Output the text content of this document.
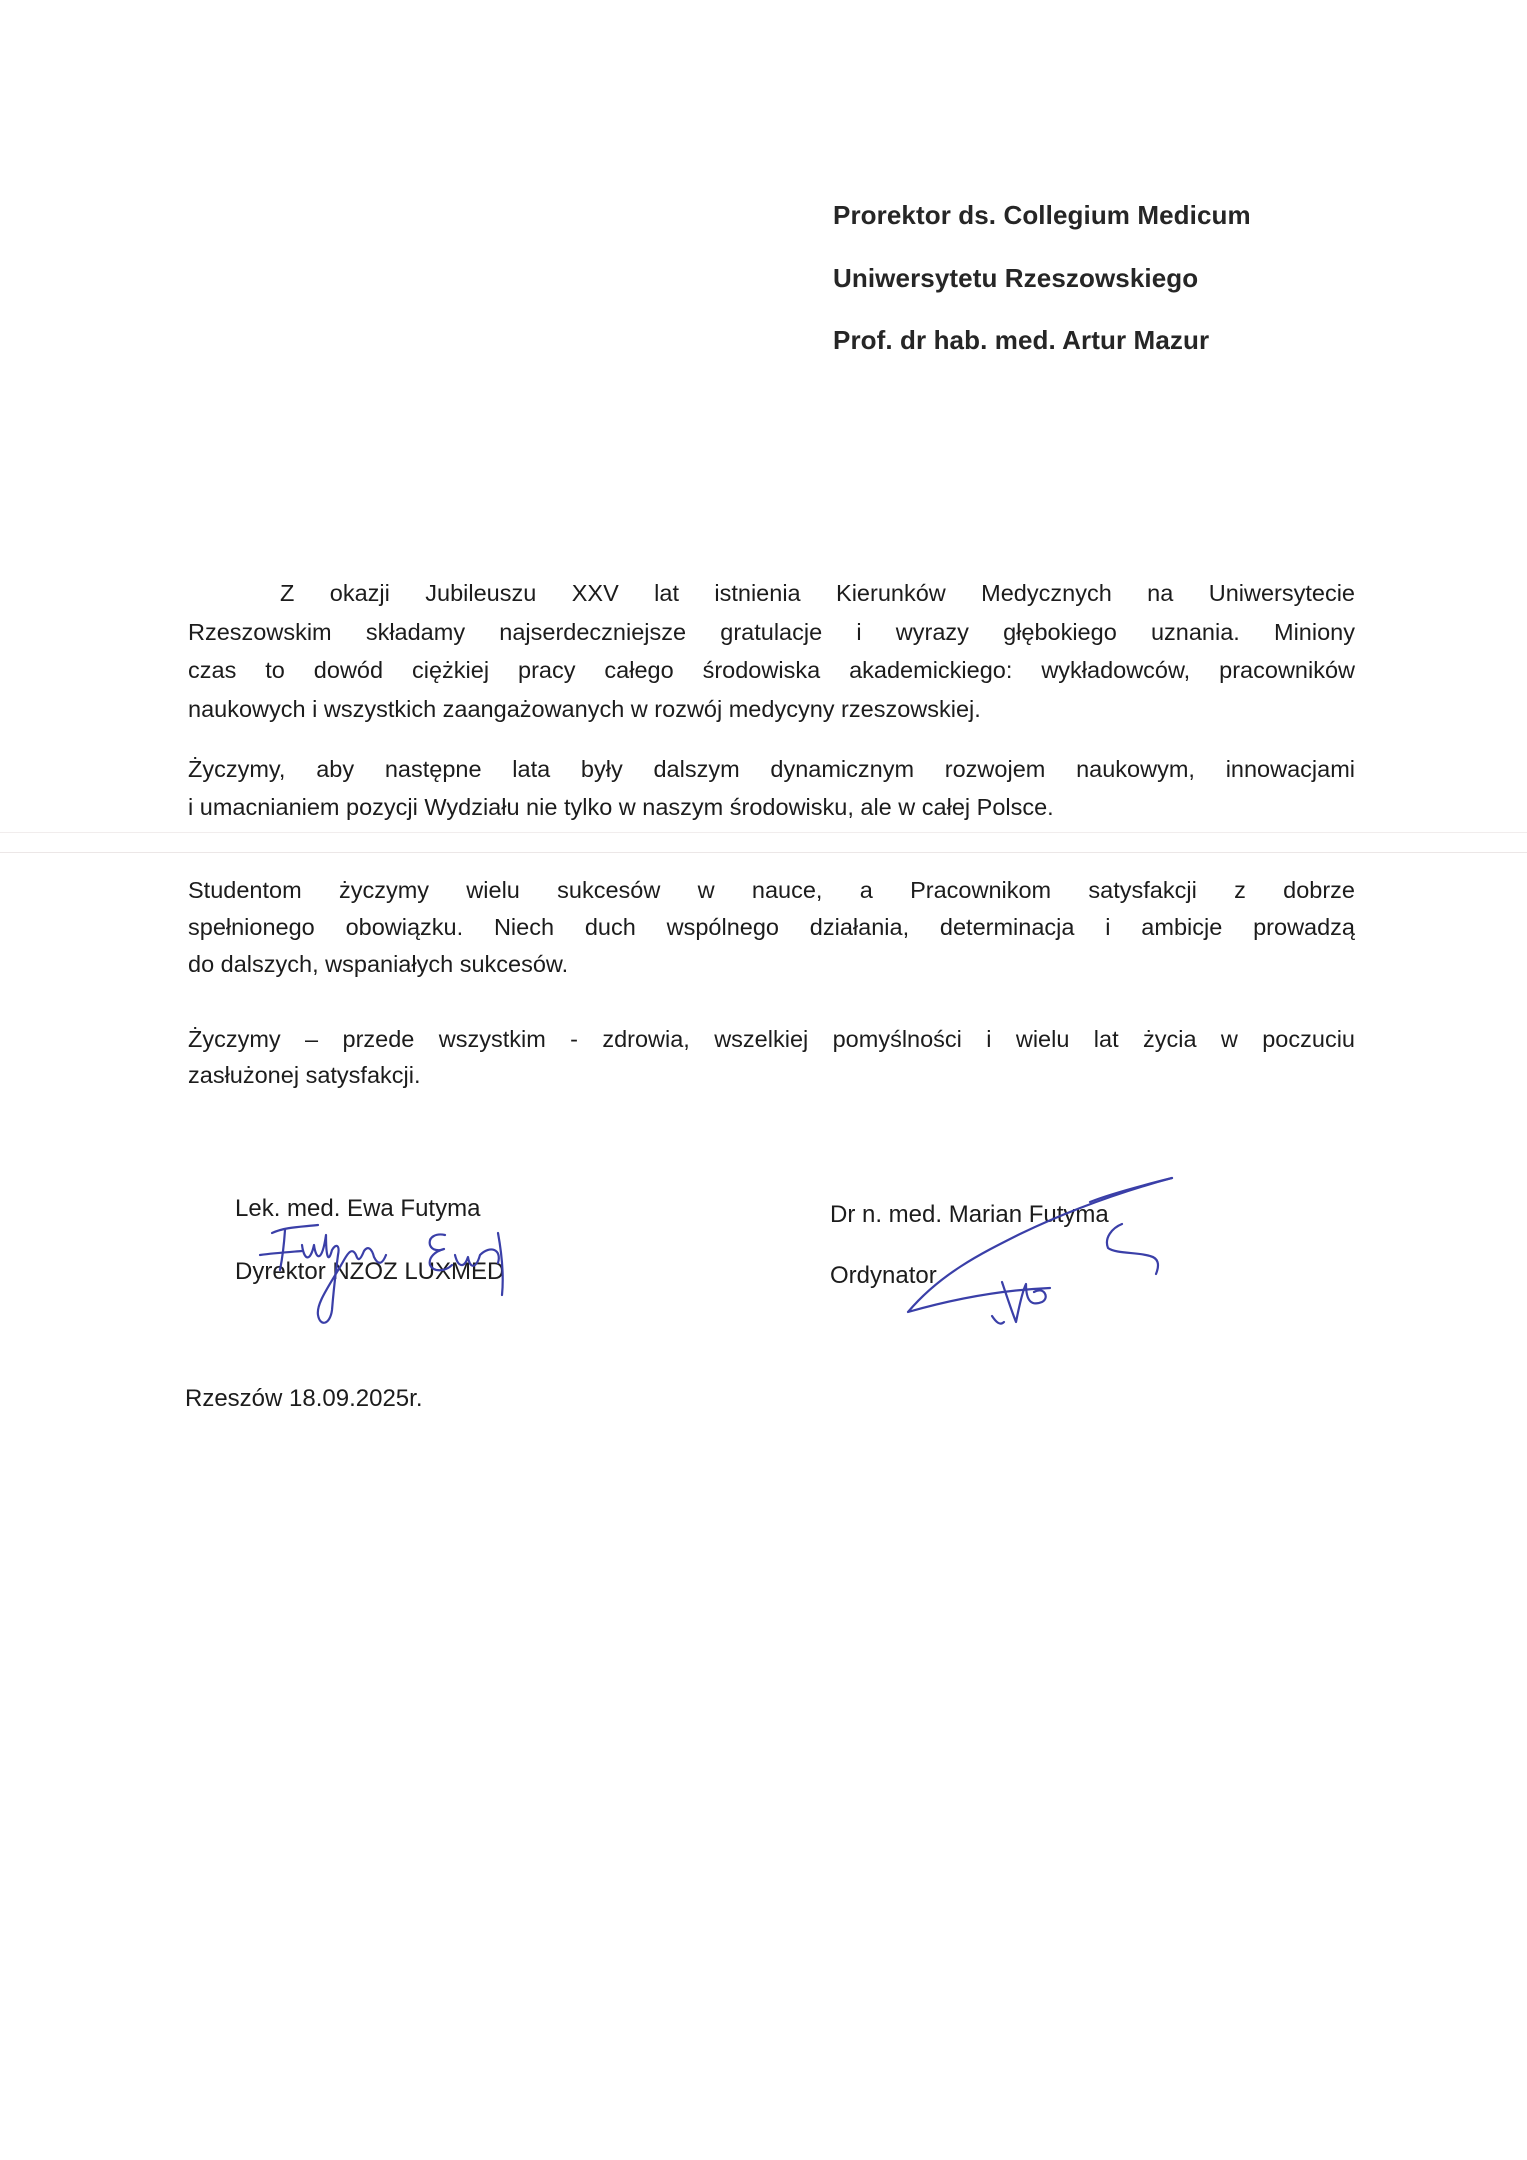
Prorektor ds. Collegium Medicum
Uniwersytetu Rzeszowskiego
Prof. dr hab. med. Artur Mazur
Z okazji Jubileuszu XXV lat istnienia Kierunków Medycznych na Uniwersytecie
Rzeszowskim składamy najserdeczniejsze gratulacje i wyrazy głębokiego uznania. Miniony
czas to dowód ciężkiej pracy całego środowiska akademickiego: wykładowców, pracowników
naukowych i wszystkich zaangażowanych w rozwój medycyny rzeszowskiej.
Życzymy, aby następne lata były dalszym dynamicznym rozwojem naukowym, innowacjami
i umacnianiem pozycji Wydziału nie tylko w naszym środowisku, ale w całej Polsce.
Studentom życzymy wielu sukcesów w nauce, a Pracownikom satysfakcji z dobrze
spełnionego obowiązku. Niech duch wspólnego działania, determinacja i ambicje prowadzą
do dalszych, wspaniałych sukcesów.
Życzymy – przede wszystkim - zdrowia, wszelkiej pomyślności i wielu lat życia w poczuciu
zasłużonej satysfakcji.
Lek. med. Ewa Futyma
Dyrektor NZOZ LUXMED
Dr n. med. Marian Futyma
Ordynator
Rzeszów 18.09.2025r.
